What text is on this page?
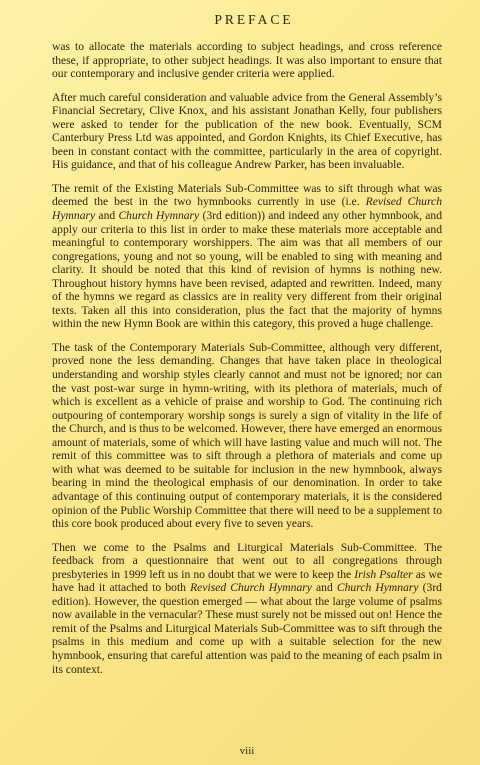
PREFACE

was to allocate the materials according to subject headings, and cross reference these, if appropriate, to other subject headings. It was also important to ensure that our contemporary and inclusive gender criteria were applied.

After much careful consideration and valuable advice from the General Assembly’s Financial Secretary, Clive Knox, and his assistant Jonathan Kelly, four publishers were asked to tender for the publication of the new book. Eventually, SCM Canterbury Press Ltd was appointed, and Gordon Knights, its Chief Executive, has been in constant contact with the committee, particularly in the area of copyright. His guidance, and that of his colleague Andrew Parker, has been invaluable.

The remit of the Existing Materials Sub-Committee was to sift through what was deemed the best in the two hymnbooks currently in use (i.e. Revised Church Hymnary and Church Hymnary (3rd edition)) and indeed any other hymnbook, and apply our criteria to this list in order to make these materials more acceptable and meaningful to contemporary worshippers. The aim was that all members of our congregations, young and not so young, will be enabled to sing with meaning and clarity. It should be noted that this kind of revision of hymns is nothing new. Throughout history hymns have been revised, adapted and rewritten. Indeed, many of the hymns we regard as classics are in reality very different from their original texts. Taken all this into consideration, plus the fact that the majority of hymns within the new Hymn Book are within this category, this proved a huge challenge.

The task of the Contemporary Materials Sub-Committee, although very different, proved none the less demanding. Changes that have taken place in theological understanding and worship styles clearly cannot and must not be ignored; nor can the vast post-war surge in hymn-writing, with its plethora of materials, much of which is excellent as a vehicle of praise and worship to God. The continuing rich outpouring of contemporary worship songs is surely a sign of vitality in the life of the Church, and is thus to be welcomed. However, there have emerged an enormous amount of materials, some of which will have lasting value and much will not. The remit of this committee was to sift through a plethora of materials and come up with what was deemed to be suitable for inclusion in the new hymnbook, always bearing in mind the theological emphasis of our denomination. In order to take advantage of this continuing output of contemporary materials, it is the considered opinion of the Public Worship Committee that there will need to be a supplement to this core book produced about every five to seven years.

Then we come to the Psalms and Liturgical Materials Sub-Committee. The feedback from a questionnaire that went out to all congregations through presbyteries in 1999 left us in no doubt that we were to keep the Irish Psalter as we have had it attached to both Revised Church Hymnary and Church Hymnary (3rd edition). However, the question emerged — what about the large volume of psalms now available in the vernacular? These must surely not be missed out on! Hence the remit of the Psalms and Liturgical Materials Sub-Committee was to sift through the psalms in this medium and come up with a suitable selection for the new hymnbook, ensuring that careful attention was paid to the meaning of each psalm in its context.

viii
